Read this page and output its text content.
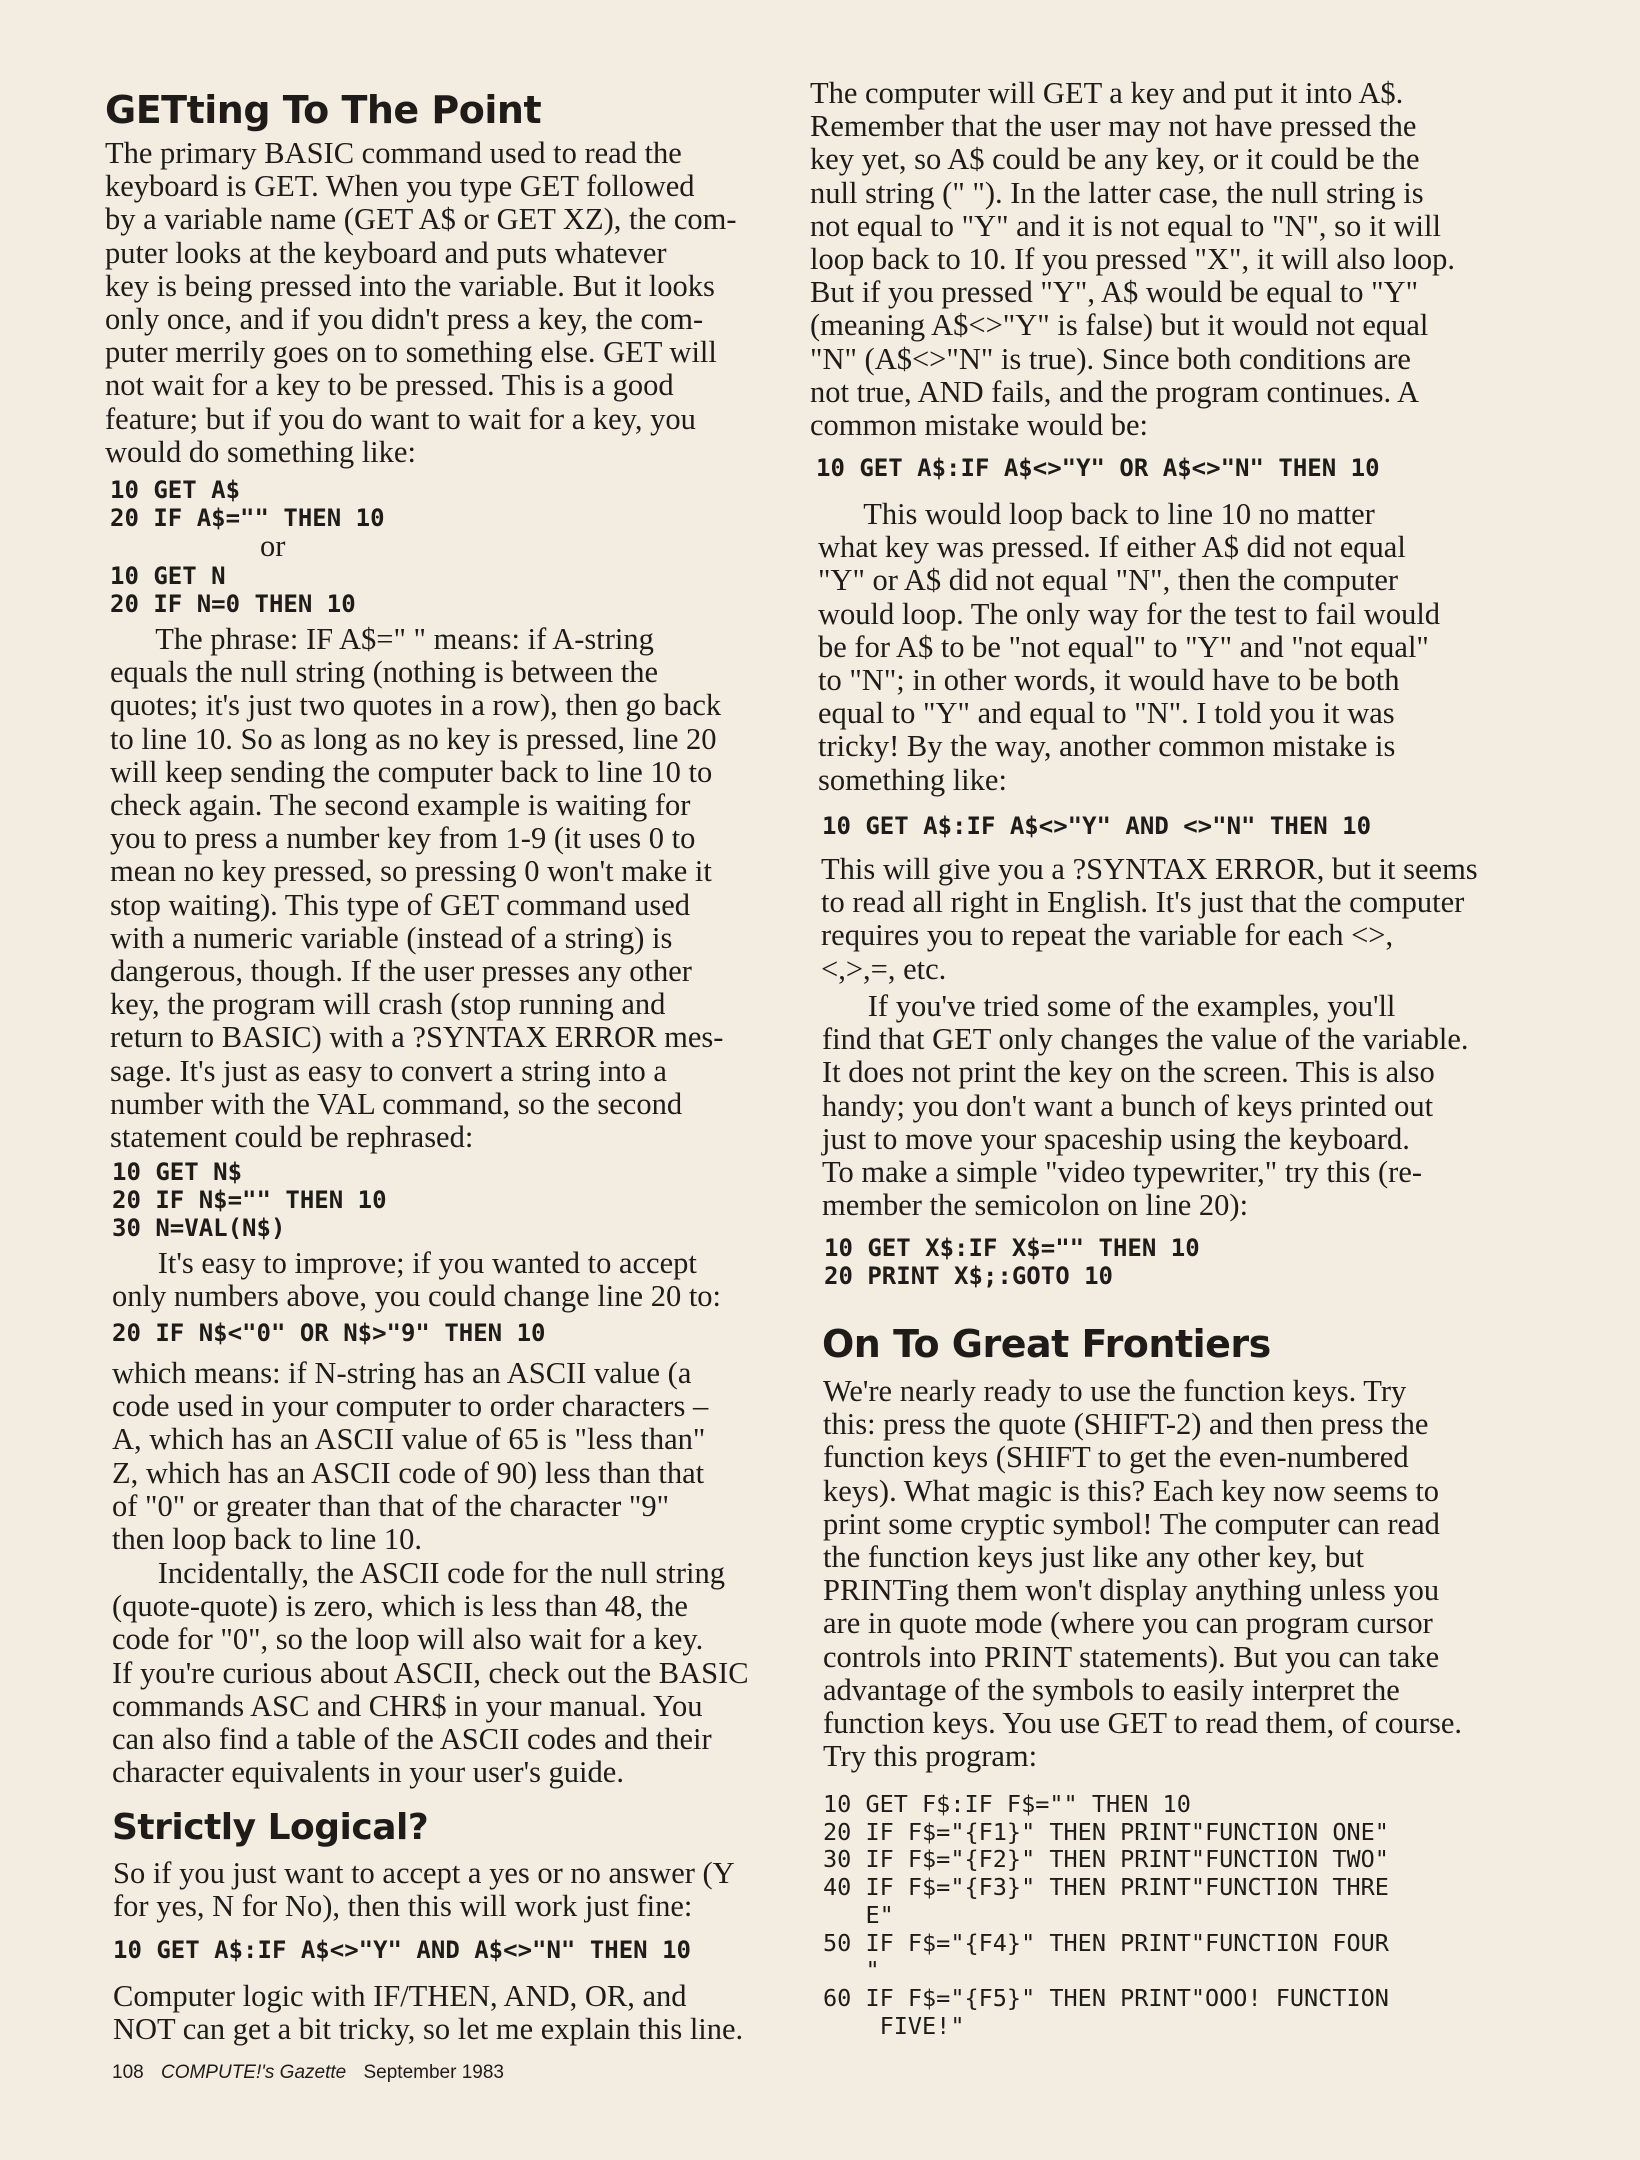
GETting To The Point
The primary BASIC command used to read the
keyboard is GET. When you type GET followed
by a variable name (GET A$ or GET XZ), the com-
puter looks at the keyboard and puts whatever
key is being pressed into the variable. But it looks
only once, and if you didn't press a key, the com-
puter merrily goes on to something else. GET will
not wait for a key to be pressed. This is a good
feature; but if you do want to wait for a key, you
would do something like:
10 GET A$
20 IF A$="" THEN 10
or
10 GET N
20 IF N=0 THEN 10
The phrase: IF A$=" " means: if A-string
equals the null string (nothing is between the
quotes; it's just two quotes in a row), then go back
to line 10. So as long as no key is pressed, line 20
will keep sending the computer back to line 10 to
check again. The second example is waiting for
you to press a number key from 1-9 (it uses 0 to
mean no key pressed, so pressing 0 won't make it
stop waiting). This type of GET command used
with a numeric variable (instead of a string) is
dangerous, though. If the user presses any other
key, the program will crash (stop running and
return to BASIC) with a ?SYNTAX ERROR mes-
sage. It's just as easy to convert a string into a
number with the VAL command, so the second
statement could be rephrased:
10 GET N$
20 IF N$="" THEN 10
30 N=VAL(N$)
It's easy to improve; if you wanted to accept
only numbers above, you could change line 20 to:
20 IF N$<"0" OR N$>"9" THEN 10
which means: if N-string has an ASCII value (a
code used in your computer to order characters –
A, which has an ASCII value of 65 is "less than"
Z, which has an ASCII code of 90) less than that
of "0" or greater than that of the character "9"
then loop back to line 10.
Incidentally, the ASCII code for the null string
(quote-quote) is zero, which is less than 48, the
code for "0", so the loop will also wait for a key.
If you're curious about ASCII, check out the BASIC
commands ASC and CHR$ in your manual. You
can also find a table of the ASCII codes and their
character equivalents in your user's guide.
Strictly Logical?
So if you just want to accept a yes or no answer (Y
for yes, N for No), then this will work just fine:
10 GET A$:IF A$<>"Y" AND A$<>"N" THEN 10
Computer logic with IF/THEN, AND, OR, and
NOT can get a bit tricky, so let me explain this line.
The computer will GET a key and put it into A$.
Remember that the user may not have pressed the
key yet, so A$ could be any key, or it could be the
null string (" "). In the latter case, the null string is
not equal to "Y" and it is not equal to "N", so it will
loop back to 10. If you pressed "X", it will also loop.
But if you pressed "Y", A$ would be equal to "Y"
(meaning A$<>"Y" is false) but it would not equal
"N" (A$<>"N" is true). Since both conditions are
not true, AND fails, and the program continues. A
common mistake would be:
10 GET A$:IF A$<>"Y" OR A$<>"N" THEN 10
This would loop back to line 10 no matter
what key was pressed. If either A$ did not equal
"Y" or A$ did not equal "N", then the computer
would loop. The only way for the test to fail would
be for A$ to be "not equal" to "Y" and "not equal"
to "N"; in other words, it would have to be both
equal to "Y" and equal to "N". I told you it was
tricky! By the way, another common mistake is
something like:
10 GET A$:IF A$<>"Y" AND <>"N" THEN 10
This will give you a ?SYNTAX ERROR, but it seems
to read all right in English. It's just that the computer
requires you to repeat the variable for each <>,
<,>,=, etc.
If you've tried some of the examples, you'll
find that GET only changes the value of the variable.
It does not print the key on the screen. This is also
handy; you don't want a bunch of keys printed out
just to move your spaceship using the keyboard.
To make a simple "video typewriter," try this (re-
member the semicolon on line 20):
10 GET X$:IF X$="" THEN 10
20 PRINT X$;:GOTO 10
On To Great Frontiers
We're nearly ready to use the function keys. Try
this: press the quote (SHIFT-2) and then press the
function keys (SHIFT to get the even-numbered
keys). What magic is this? Each key now seems to
print some cryptic symbol! The computer can read
the function keys just like any other key, but
PRINTing them won't display anything unless you
are in quote mode (where you can program cursor
controls into PRINT statements). But you can take
advantage of the symbols to easily interpret the
function keys. You use GET to read them, of course.
Try this program:
10 GET F$:IF F$="" THEN 10
20 IF F$="{F1}" THEN PRINT"FUNCTION ONE"
30 IF F$="{F2}" THEN PRINT"FUNCTION TWO"
40 IF F$="{F3}" THEN PRINT"FUNCTION THRE
E"
50 IF F$="{F4}" THEN PRINT"FUNCTION FOUR
"
60 IF F$="{F5}" THEN PRINT"OOO! FUNCTION
FIVE!"
108 COMPUTE!'s Gazette September 1983
